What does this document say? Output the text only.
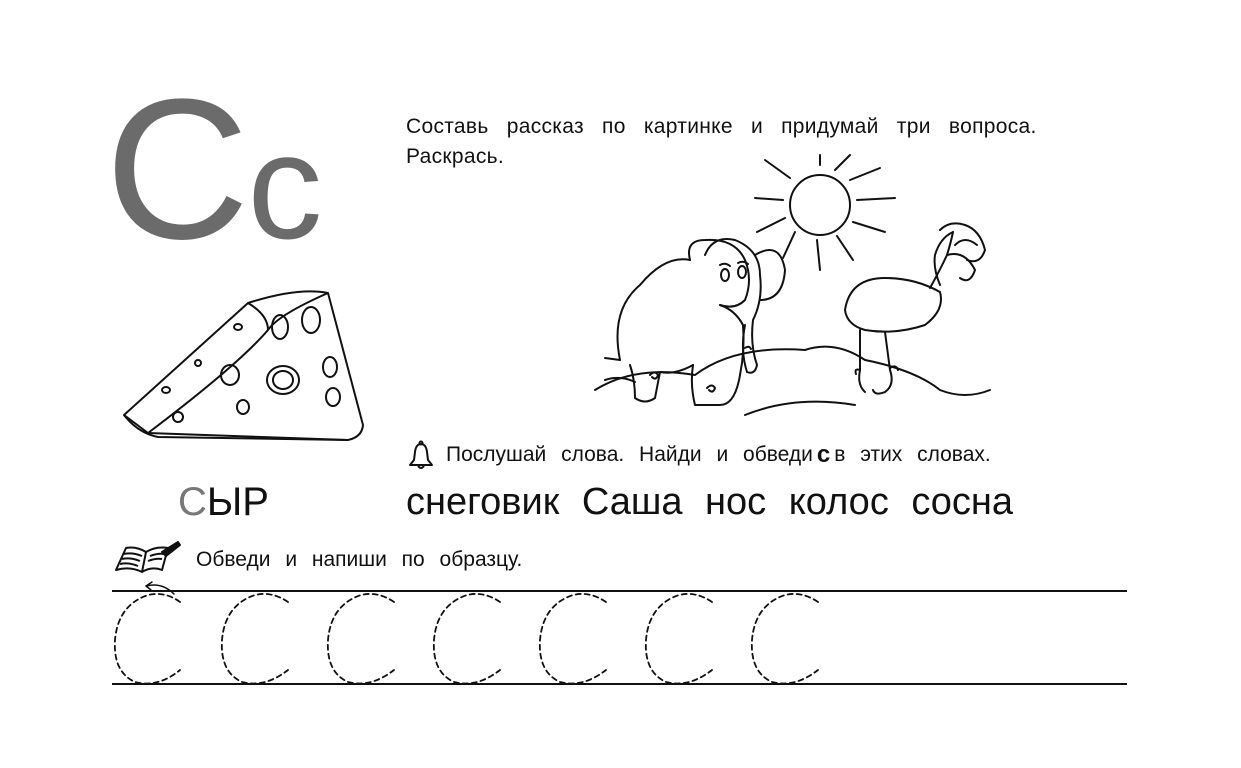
Сс	Составь рассказ по картинке и придумай три вопроса.
Раскрась.
СЫР
Послушай слова. Найди и обведи с в этих словах.
снеговик Саша нос колос сосна
Обведи и напиши по образцу.
